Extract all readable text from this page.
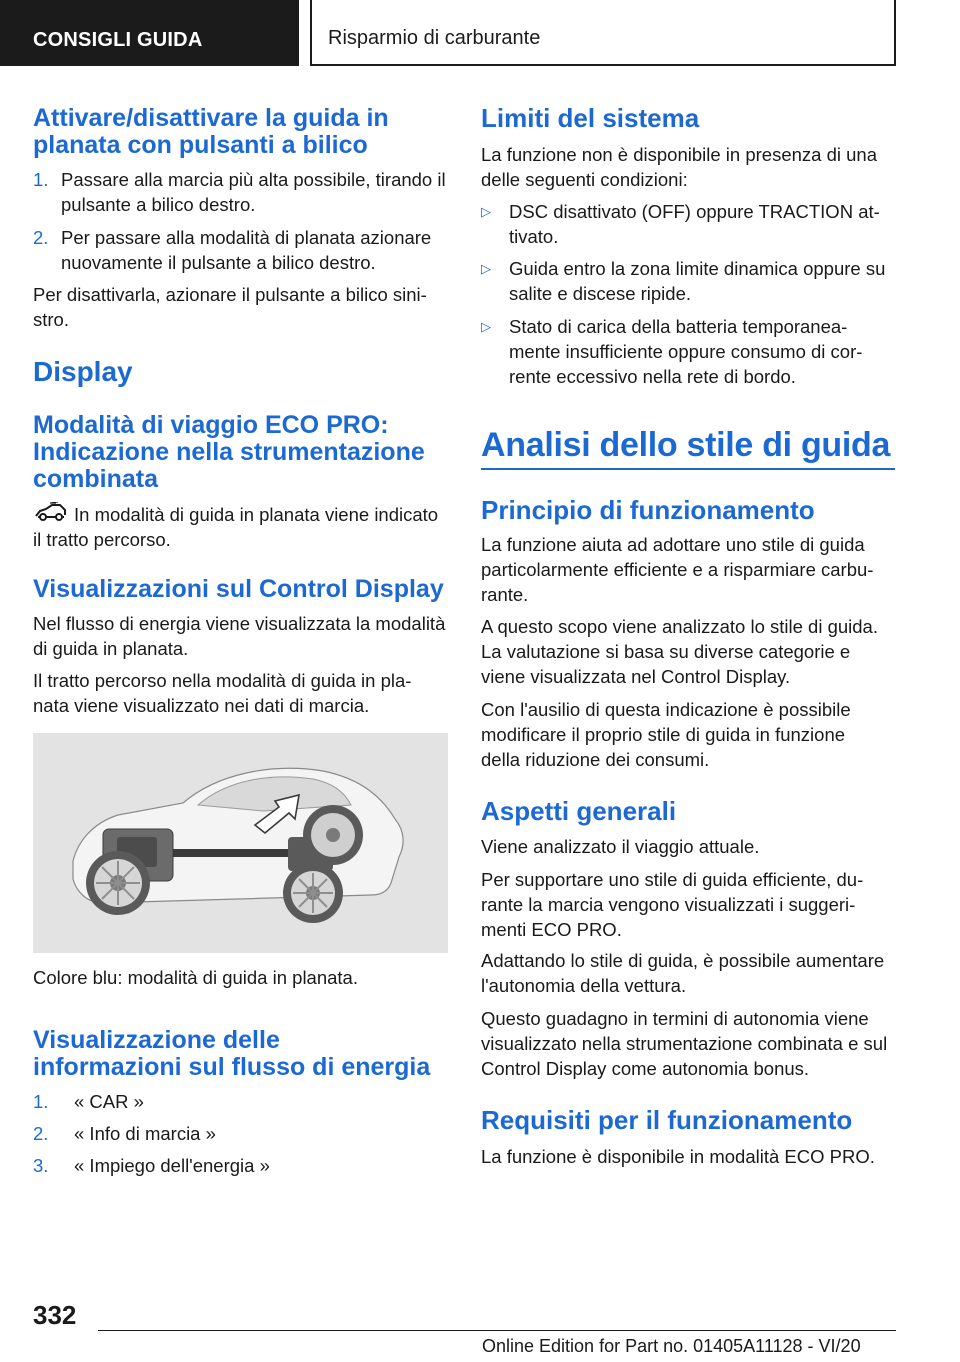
CONSIGLI GUIDA	Risparmio di carburante
Attivare/disattivare la guida in planata con pulsanti a bilico
1. Passare alla marcia più alta possibile, tirando il
pulsante a bilico destro.
2. Per passare alla modalità di planata azionare
nuovamente il pulsante a bilico destro.
Per disattivarla, azionare il pulsante a bilico sini-
stro.
Display
Modalità di viaggio ECO PRO: Indicazione nella strumentazione combinata
In modalità di guida in planata viene indicato
il tratto percorso.
Visualizzazioni sul Control Display
Nel flusso di energia viene visualizzata la modalità
di guida in planata.
Il tratto percorso nella modalità di guida in pla-
nata viene visualizzato nei dati di marcia.
Colore blu: modalità di guida in planata.
Visualizzazione delle informazioni sul flusso di energia
1. « CAR »
2. « Info di marcia »
3. « Impiego dell'energia »
Limiti del sistema
La funzione non è disponibile in presenza di una
delle seguenti condizioni:
▷ DSC disattivato (OFF) oppure TRACTION at-
tivato.
▷ Guida entro la zona limite dinamica oppure su
salite e discese ripide.
▷ Stato di carica della batteria temporanea-
mente insufficiente oppure consumo di cor-
rente eccessivo nella rete di bordo.
Analisi dello stile di guida
Principio di funzionamento
La funzione aiuta ad adottare uno stile di guida
particolarmente efficiente e a risparmiare carbu-
rante.
A questo scopo viene analizzato lo stile di guida.
La valutazione si basa su diverse categorie e
viene visualizzata nel Control Display.
Con l'ausilio di questa indicazione è possibile
modificare il proprio stile di guida in funzione
della riduzione dei consumi.
Aspetti generali
Viene analizzato il viaggio attuale.
Per supportare uno stile di guida efficiente, du-
rante la marcia vengono visualizzati i suggeri-
menti ECO PRO.
Adattando lo stile di guida, è possibile aumentare
l'autonomia della vettura.
Questo guadagno in termini di autonomia viene
visualizzato nella strumentazione combinata e sul
Control Display come autonomia bonus.
Requisiti per il funzionamento
La funzione è disponibile in modalità ECO PRO.
332
Online Edition for Part no. 01405A11128 - VI/20
